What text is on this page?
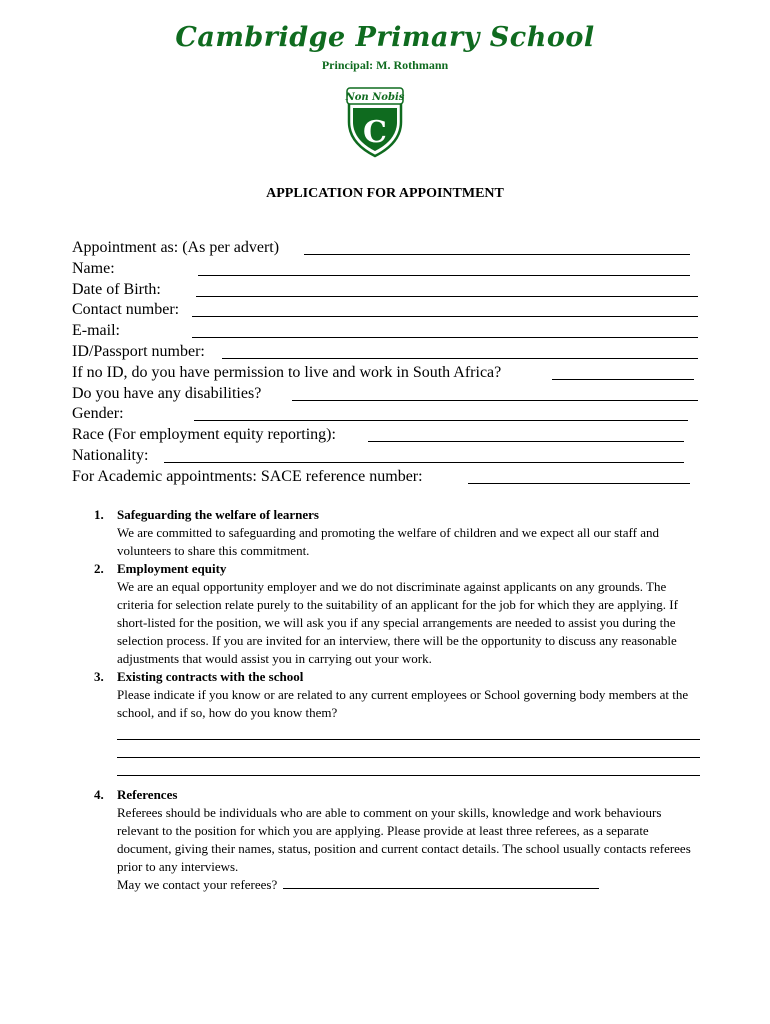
Cambridge Primary School
Principal: M. Rothmann
Non Nobis
C
APPLICATION FOR APPOINTMENT
Appointment as: (As per advert)
Name:
Date of Birth:
Contact number:
E-mail:
ID/Passport number:
If no ID, do you have permission to live and work in South Africa?
Do you have any disabilities?
Gender:
Race (For employment equity reporting):
Nationality:
For Academic appointments: SACE reference number:
1. Safeguarding the welfare of learners
We are committed to safeguarding and promoting the welfare of children and we expect all our staff and volunteers to share this commitment.
2. Employment equity
We are an equal opportunity employer and we do not discriminate against applicants on any grounds. The criteria for selection relate purely to the suitability of an applicant for the job for which they are applying. If short-listed for the position, we will ask you if any special arrangements are needed to assist you during the selection process. If you are invited for an interview, there will be the opportunity to discuss any reasonable adjustments that would assist you in carrying out your work.
3. Existing contracts with the school
Please indicate if you know or are related to any current employees or School governing body members at the school, and if so, how do you know them?
4. References
Referees should be individuals who are able to comment on your skills, knowledge and work behaviours relevant to the position for which you are applying. Please provide at least three referees, as a separate document, giving their names, status, position and current contact details. The school usually contacts referees prior to any interviews.
May we contact your referees?
